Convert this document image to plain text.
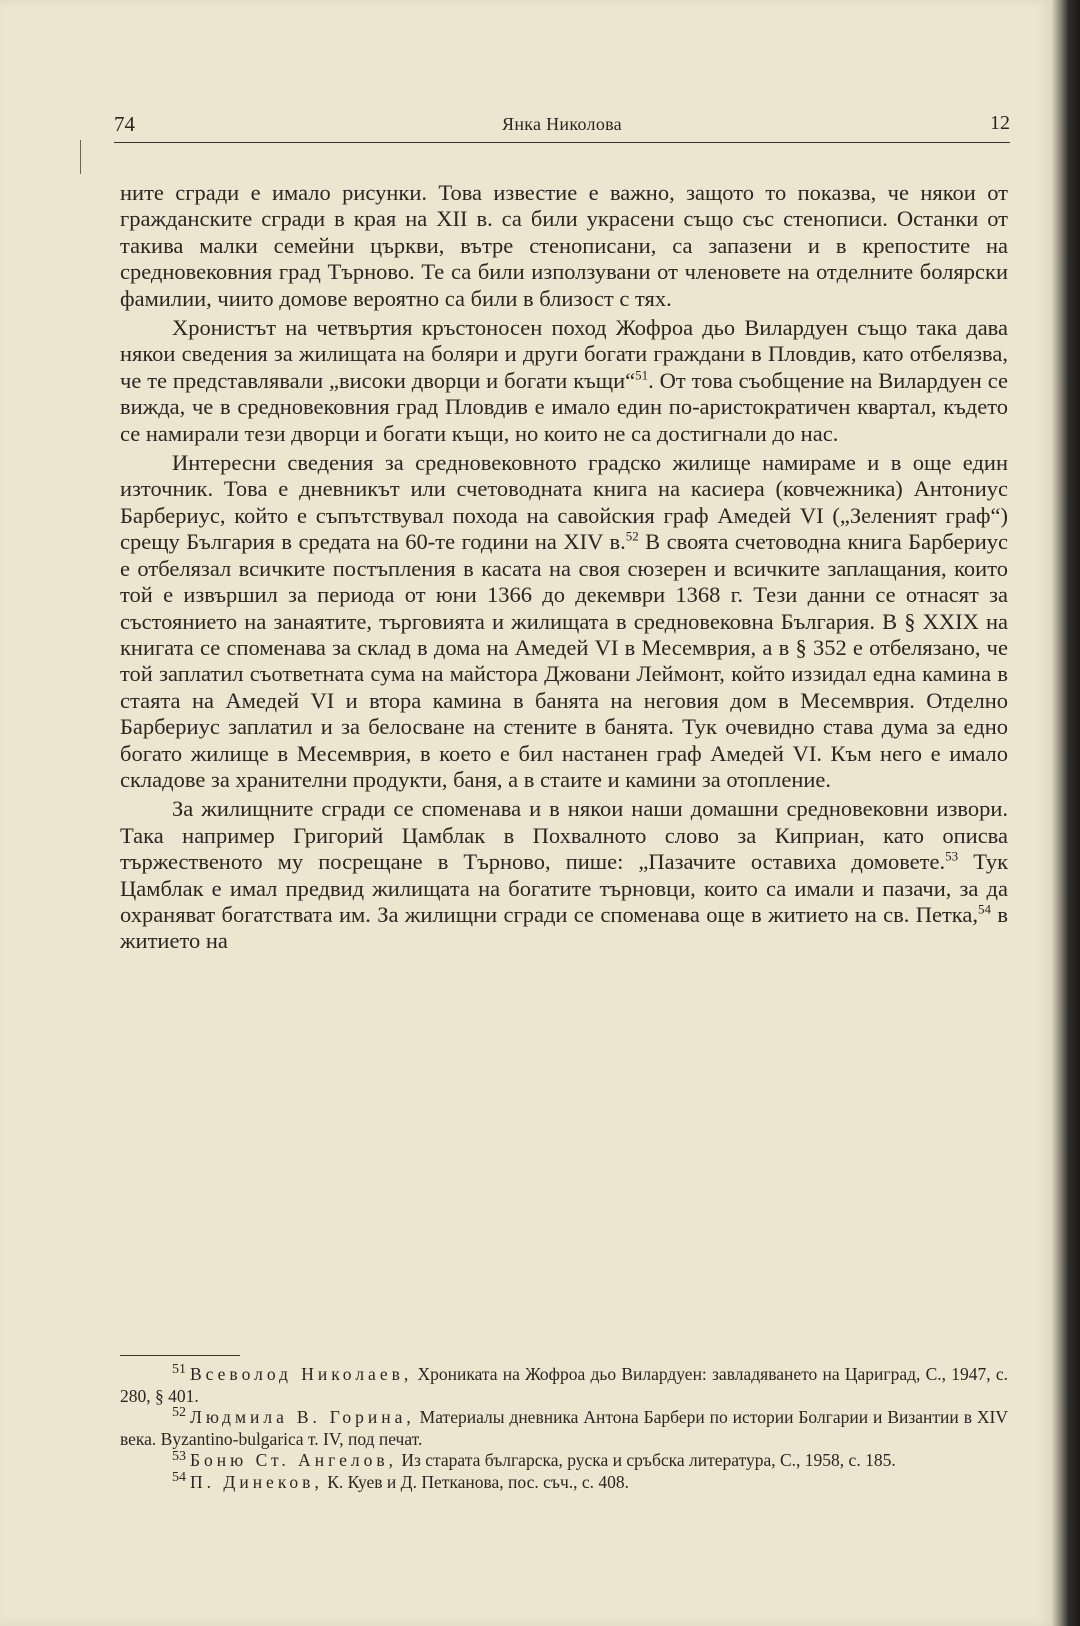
74	Янка Николова	12

ните сгради е имало рисунки. Това известие е важно, защото то показва, че някои от гражданските сгради в края на XII в. са били украсени също със стенописи. Останки от такива малки семейни църкви, вътре стенописани, са запазени и в крепостите на средновековния град Търново. Те са били използувани от членовете на отделните болярски фамилии, чиито домове вероятно са били в близост с тях.

Хронистът на четвъртия кръстоносен поход Жофроа дьо Вилардуен също така дава някои сведения за жилищата на боляри и други богати граждани в Пловдив, като отбелязва, че те представлявали „високи дворци и богати къщи“$^{51}$. От това съобщение на Вилардуен се вижда, че в средновековния град Пловдив е имало един по-аристократичен квартал, където се намирали тези дворци и богати къщи, но които не са достигнали до нас.

Интересни сведения за средновековното градско жилище намираме и в още един източник. Това е дневникът или счетоводната книга на касиера (ковчежника) Антониус Барбериус, който е съпътствувал похода на савойския граф Амедей VI („Зеленият граф“) срещу България в средата на 60-те години на XIV в.$^{52}$ В своята счетоводна книга Барбериус е отбелязал всичките постъпления в касата на своя сюзерен и всичките заплащания, които той е извършил за периода от юни 1366 до декември 1368 г. Тези данни се отнасят за състоянието на занаятите, търговията и жилищата в средновековна България. В § XXIX на книгата се споменава за склад в дома на Амедей VI в Месемврия, а в § 352 е отбелязано, че той заплатил съответната сума на майстора Джовани Леймонт, който иззидал една камина в стаята на Амедей VI и втора камина в банята на неговия дом в Месемврия. Отделно Барбериус заплатил и за белосване на стените в банята. Тук очевидно става дума за едно богато жилище в Месемврия, в което е бил настанен граф Амедей VI. Към него е имало складове за хранителни продукти, баня, а в стаите и камини за отопление.

За жилищните сгради се споменава и в някои наши домашни средновековни извори. Така например Григорий Цамблак в Похвалното слово за Киприан, като описва тържественото му посрещане в Търново, пише: „Пазачите оставиха домовете.$^{53}$ Тук Цамблак е имал предвид жилищата на богатите търновци, които са имали и пазачи, за да охраняват богатствата им. За жилищни сгради се споменава още в житието на св. Петка,$^{54}$ в житието на

$^{51}$ Всеволод Николаев, Хрониката на Жофроа дьо Вилардуен: завладяването на Цариград, С., 1947, с. 280, § 401.

$^{52}$ Людмила В. Горина, Материалы дневника Антона Барбери по истории Болгарии и Византии в XIV века. Byzantino-bulgarica т. IV, под печат.

$^{53}$ Боню Ст. Ангелов, Из старата българска, руска и сръбска литература, С., 1958, с. 185.

$^{54}$ П. Динеков, К. Куев и Д. Петканова, пос. съч., с. 408.
